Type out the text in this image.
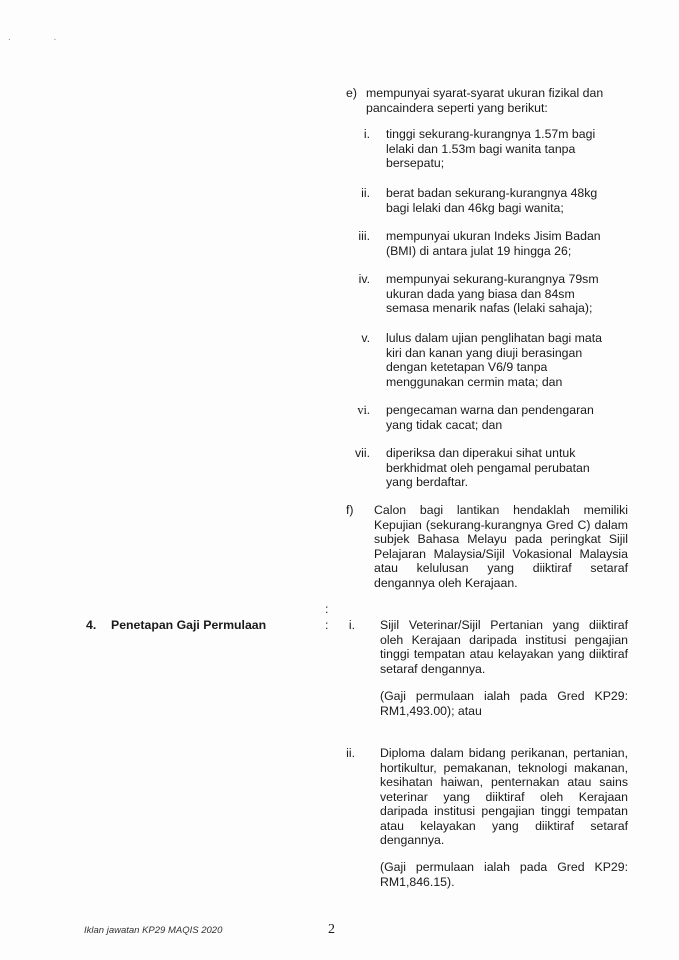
. .
e) mempunyai syarat-syarat ukuran fizikal dan pancaindera seperti yang berikut:
i. tinggi sekurang-kurangnya 1.57m bagi lelaki dan 1.53m bagi wanita tanpa bersepatu;
ii. berat badan sekurang-kurangnya 48kg bagi lelaki dan 46kg bagi wanita;
iii. mempunyai ukuran Indeks Jisim Badan (BMI) di antara julat 19 hingga 26;
iv. mempunyai sekurang-kurangnya 79sm ukuran dada yang biasa dan 84sm semasa menarik nafas (lelaki sahaja);
v. lulus dalam ujian penglihatan bagi mata kiri dan kanan yang diuji berasingan dengan ketetapan V6/9 tanpa menggunakan cermin mata; dan
vi. pengecaman warna dan pendengaran yang tidak cacat; dan
vii. diperiksa dan diperakui sihat untuk berkhidmat oleh pengamal perubatan yang berdaftar.
f) Calon bagi lantikan hendaklah memiliki Kepujian (sekurang-kurangnya Gred C) dalam subjek Bahasa Melayu pada peringkat Sijil Pelajaran Malaysia/Sijil Vokasional Malaysia atau kelulusan yang diiktiraf setaraf dengannya oleh Kerajaan.
:
4. Penetapan Gaji Permulaan	:	i. Sijil Veterinar/Sijil Pertanian yang diiktiraf oleh Kerajaan daripada institusi pengajian tinggi tempatan atau kelayakan yang diiktiraf setaraf dengannya.
(Gaji permulaan ialah pada Gred KP29: RM1,493.00); atau
ii. Diploma dalam bidang perikanan, pertanian, hortikultur, pemakanan, teknologi makanan, kesihatan haiwan, penternakan atau sains veterinar yang diiktiraf oleh Kerajaan daripada institusi pengajian tinggi tempatan atau kelayakan yang diiktiraf setaraf dengannya.
(Gaji permulaan ialah pada Gred KP29: RM1,846.15).
Iklan jawatan KP29 MAQIS 2020	2
